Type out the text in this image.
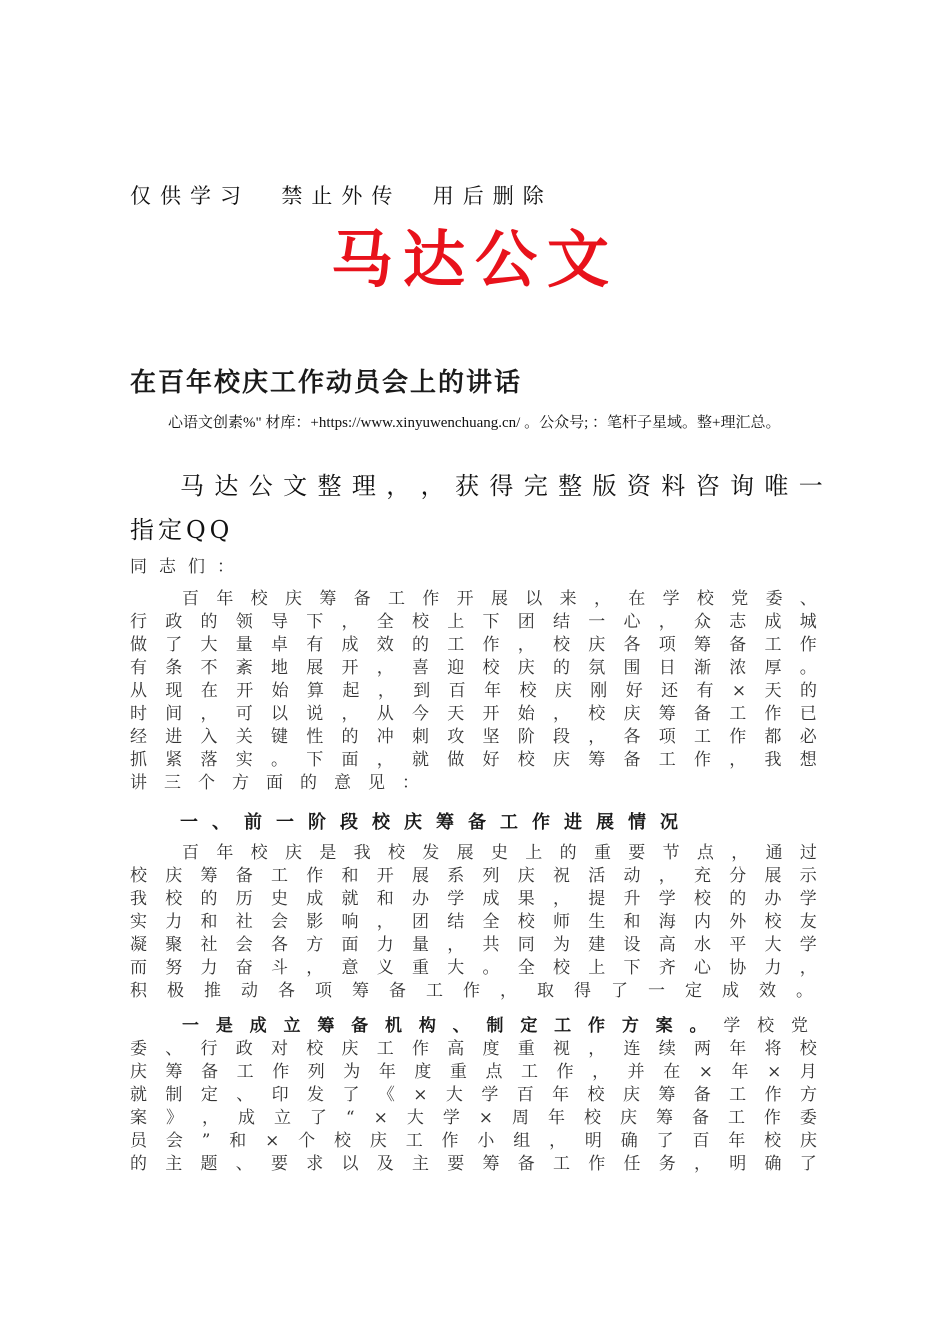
仅供学习  禁止外传  用后删除
马达公文
在百年校庆工作动员会上的讲话
心语文创素%" 材库：+https://www.xinyuwenchuang.cn/ 。公众号; ：笔杆子星域。整+理汇总。
马 达 公 文 整 理 ， ， 获 得 完 整 版 资 料 咨 询 唯 一
指定QQ
同志们：
百 年 校 庆 筹 备 工 作 开 展 以 来 ， 在 学 校 党 委 、
行 政 的 领 导 下 ， 全 校 上 下 团 结 一 心 ， 众 志 成 城
做 了 大 量 卓 有 成 效 的 工 作 ， 校 庆 各 项 筹 备 工 作
有 条 不 紊 地 展 开 ， 喜 迎 校 庆 的 氛 围 日 渐 浓 厚 。
从 现 在 开 始 算 起 ， 到 百 年 校 庆 刚 好 还 有 × 天 的
时 间 ， 可 以 说 ， 从 今 天 开 始 ， 校 庆 筹 备 工 作 已
经 进 入 关 键 性 的 冲 刺 攻 坚 阶 段 ， 各 项 工 作 都 必
抓 紧 落 实 。 下 面 ， 就 做 好 校 庆 筹 备 工 作 ， 我 想
讲三个方面的意见：
一、前一阶段校庆筹备工作进展情况
百 年 校 庆 是 我 校 发 展 史 上 的 重 要 节 点 ， 通 过
校 庆 筹 备 工 作 和 开 展 系 列 庆 祝 活 动 ， 充 分 展 示
我 校 的 历 史 成 就 和 办 学 成 果 ， 提 升 学 校 的 办 学
实 力 和 社 会 影 响 ， 团 结 全 校 师 生 和 海 内 外 校 友
凝 聚 社 会 各 方 面 力 量 ， 共 同 为 建 设 高 水 平 大 学
而 努 力 奋 斗 ， 意 义 重 大 。 全 校 上 下 齐 心 协 力 ，
积极推动各项筹备工作，取得了一定成效。
一是成立筹备机构、制定工作方案。学校党
委 、 行 政 对 校 庆 工 作 高 度 重 视 ， 连 续 两 年 将 校
庆 筹 备 工 作 列 为 年 度 重 点 工 作 ， 并 在 × 年 × 月
就 制 定 、 印 发 了 《 × 大 学 百 年 校 庆 筹 备 工 作 方
案 》 ， 成 立 了 “ × 大 学 × 周 年 校 庆 筹 备 工 作 委
员 会 ” 和 × 个 校 庆 工 作 小 组 ， 明 确 了 百 年 校 庆
的 主 题 、 要 求 以 及 主 要 筹 备 工 作 任 务 ， 明 确 了
